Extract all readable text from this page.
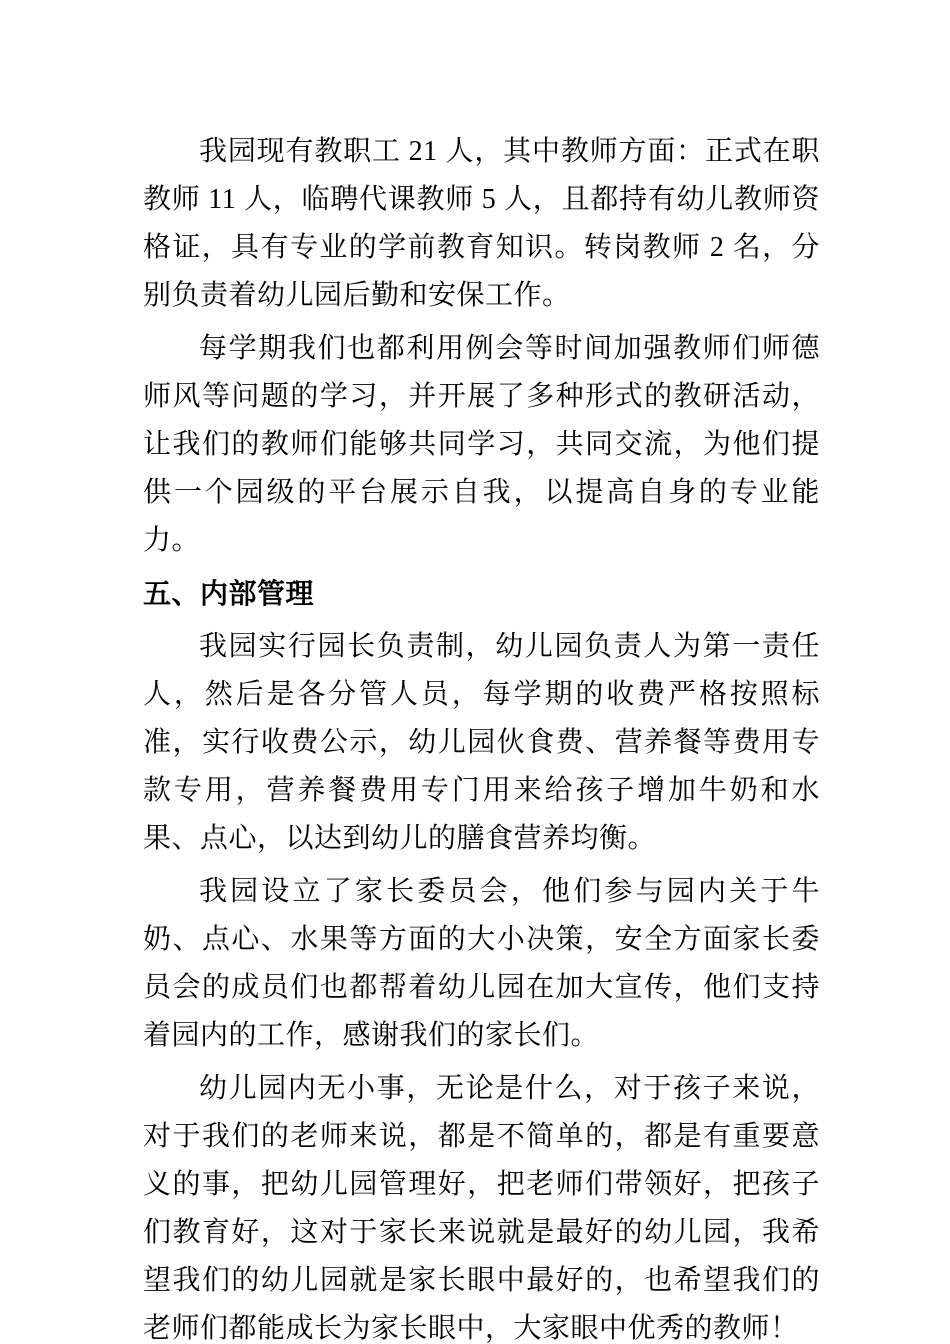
我园现有教职工 21 人，其中教师方面：正式在职教师 11 人，临聘代课教师 5 人，且都持有幼儿教师资格证，具有专业的学前教育知识。转岗教师 2 名，分别负责着幼儿园后勤和安保工作。

每学期我们也都利用例会等时间加强教师们师德师风等问题的学习，并开展了多种形式的教研活动，让我们的教师们能够共同学习，共同交流，为他们提供一个园级的平台展示自我，以提高自身的专业能力。

五、内部管理

我园实行园长负责制，幼儿园负责人为第一责任人，然后是各分管人员，每学期的收费严格按照标准，实行收费公示，幼儿园伙食费、营养餐等费用专款专用，营养餐费用专门用来给孩子增加牛奶和水果、点心，以达到幼儿的膳食营养均衡。

我园设立了家长委员会，他们参与园内关于牛奶、点心、水果等方面的大小决策，安全方面家长委员会的成员们也都帮着幼儿园在加大宣传，他们支持着园内的工作，感谢我们的家长们。

幼儿园内无小事，无论是什么，对于孩子来说，对于我们的老师来说，都是不简单的，都是有重要意义的事，把幼儿园管理好，把老师们带领好，把孩子们教育好，这对于家长来说就是最好的幼儿园，我希望我们的幼儿园就是家长眼中最好的，也希望我们的老师们都能成长为家长眼中，大家眼中优秀的教师！
